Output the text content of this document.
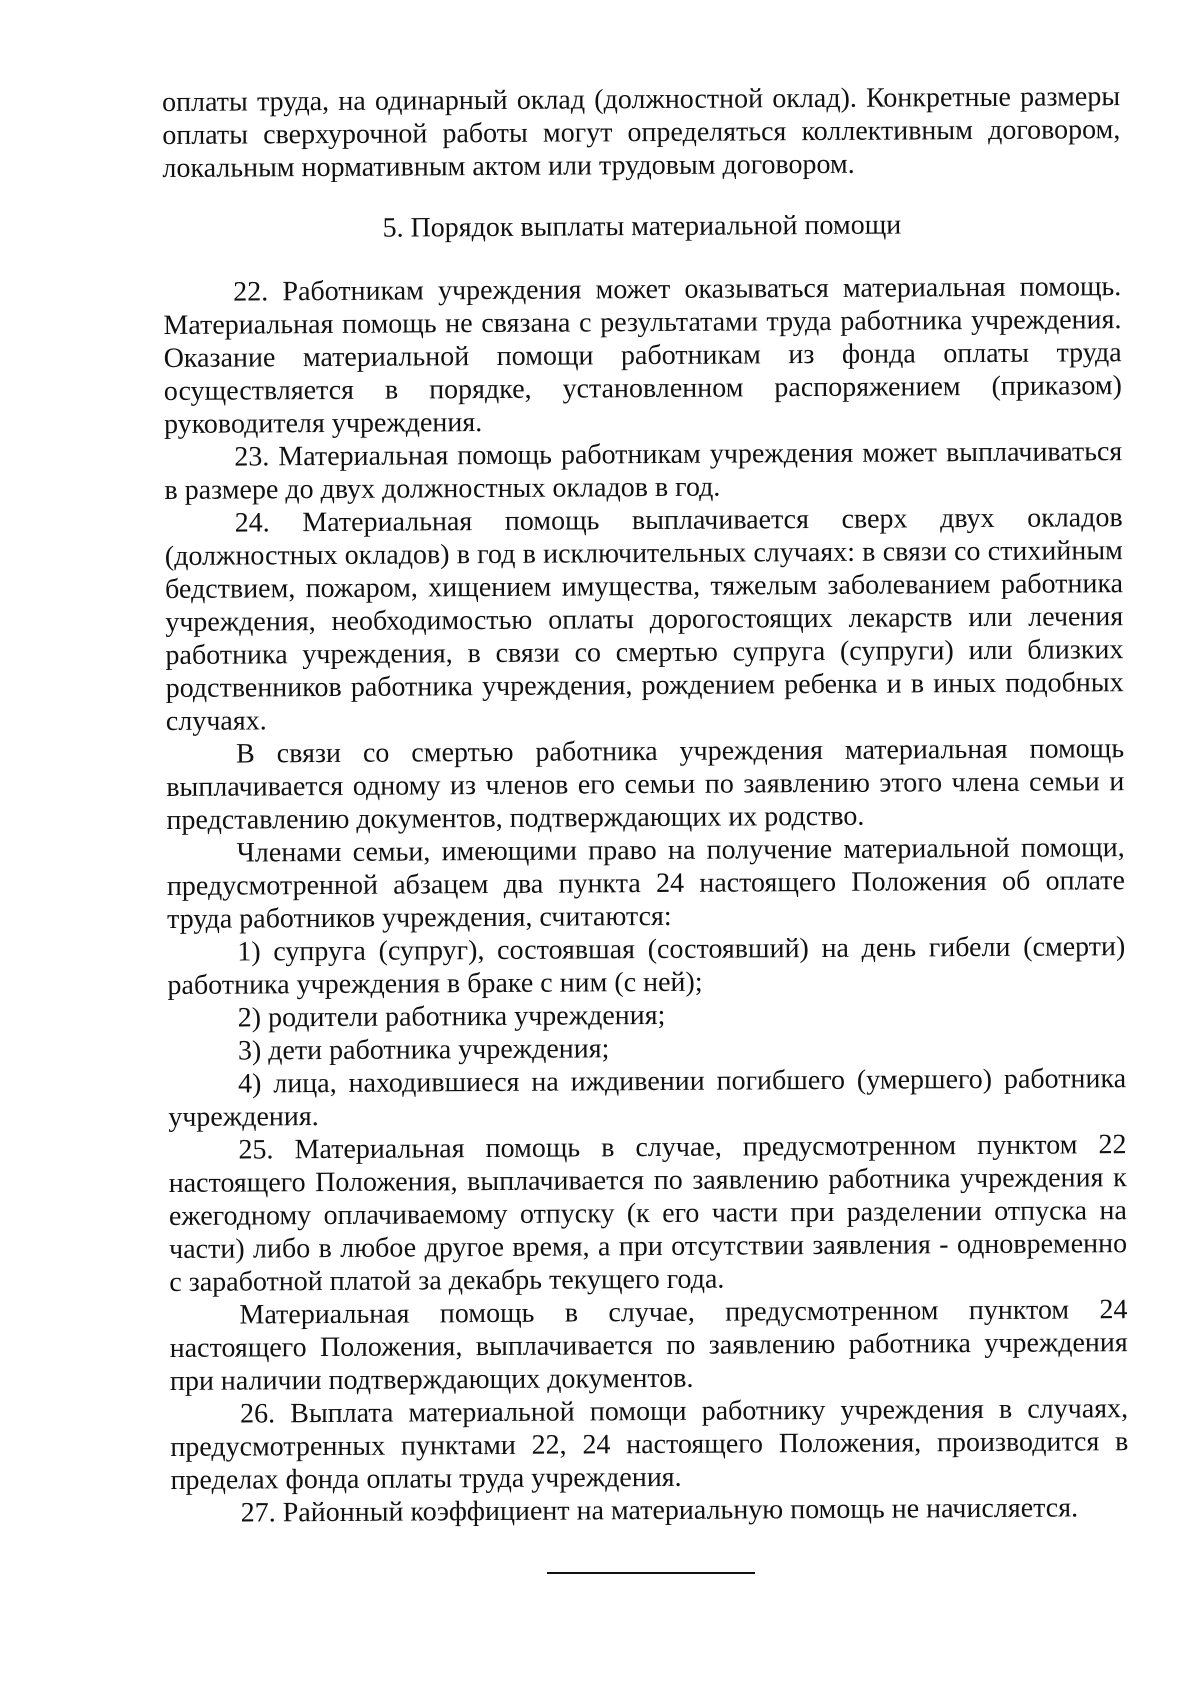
оплаты труда, на одинарный оклад (должностной оклад). Конкретные размеры оплаты сверхурочной работы могут определяться коллективным договором, локальным нормативным актом или трудовым договором.

5. Порядок выплаты материальной помощи

22. Работникам учреждения может оказываться материальная помощь. Материальная помощь не связана с результатами труда работника учреждения. Оказание материальной помощи работникам из фонда оплаты труда осуществляется в порядке, установленном распоряжением (приказом) руководителя учреждения.

23. Материальная помощь работникам учреждения может выплачиваться в размере до двух должностных окладов в год.

24. Материальная помощь выплачивается сверх двух окладов (должностных окладов) в год в исключительных случаях: в связи со стихийным бедствием, пожаром, хищением имущества, тяжелым заболеванием работника учреждения, необходимостью оплаты дорогостоящих лекарств или лечения работника учреждения, в связи со смертью супруга (супруги) или близких родственников работника учреждения, рождением ребенка и в иных подобных случаях.

В связи со смертью работника учреждения материальная помощь выплачивается одному из членов его семьи по заявлению этого члена семьи и представлению документов, подтверждающих их родство.

Членами семьи, имеющими право на получение материальной помощи, предусмотренной абзацем два пункта 24 настоящего Положения об оплате труда работников учреждения, считаются:

1) супруга (супруг), состоявшая (состоявший) на день гибели (смерти) работника учреждения в браке с ним (с ней);

2) родители работника учреждения;

3) дети работника учреждения;

4) лица, находившиеся на иждивении погибшего (умершего) работника учреждения.

25. Материальная помощь в случае, предусмотренном пунктом 22 настоящего Положения, выплачивается по заявлению работника учреждения к ежегодному оплачиваемому отпуску (к его части при разделении отпуска на части) либо в любое другое время, а при отсутствии заявления - одновременно с заработной платой за декабрь текущего года.

Материальная помощь в случае, предусмотренном пунктом 24 настоящего Положения, выплачивается по заявлению работника учреждения при наличии подтверждающих документов.

26. Выплата материальной помощи работнику учреждения в случаях, предусмотренных пунктами 22, 24 настоящего Положения, производится в пределах фонда оплаты труда учреждения.

27. Районный коэффициент на материальную помощь не начисляется.
